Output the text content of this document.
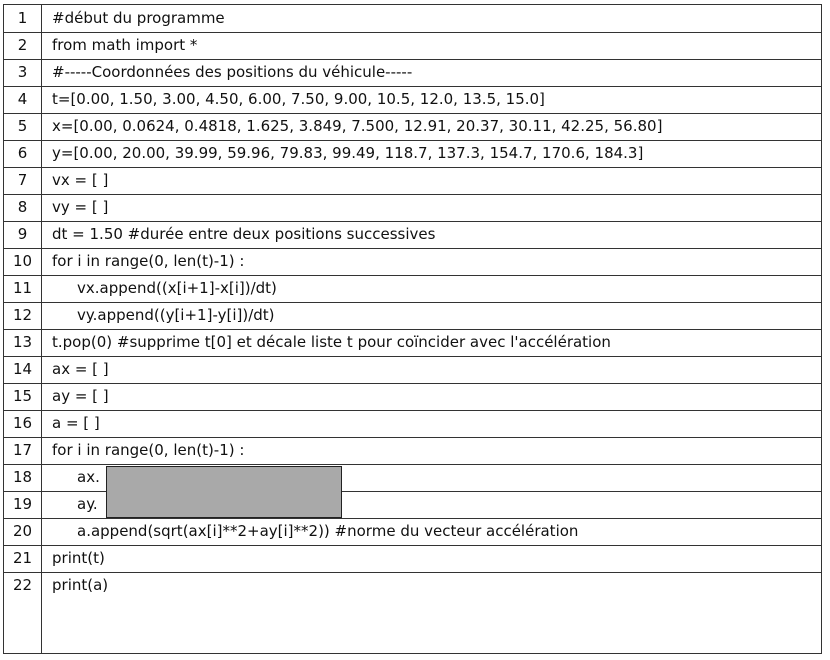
1	#début du programme
2	from math import *
3	#-----Coordonnées des positions du véhicule-----
4	t=[0.00, 1.50, 3.00, 4.50, 6.00, 7.50, 9.00, 10.5, 12.0, 13.5, 15.0]
5	x=[0.00, 0.0624, 0.4818, 1.625, 3.849, 7.500, 12.91, 20.37, 30.11, 42.25, 56.80]
6	y=[0.00, 20.00, 39.99, 59.96, 79.83, 99.49, 118.7, 137.3, 154.7, 170.6, 184.3]
7	vx = [ ]
8	vy = [ ]
9	dt = 1.50 #durée entre deux positions successives
10	for i in range(0, len(t)-1) :
11	vx.append((x[i+1]-x[i])/dt)
12	vy.append((y[i+1]-y[i])/dt)
13	t.pop(0) #supprime t[0] et décale liste t pour coïncider avec l'accélération
14	ax = [ ]
15	ay = [ ]
16	a = [ ]
17	for i in range(0, len(t)-1) :
18	ax.
19	ay.
20	a.append(sqrt(ax[i]**2+ay[i]**2)) #norme du vecteur accélération
21	print(t)
22	print(a)
